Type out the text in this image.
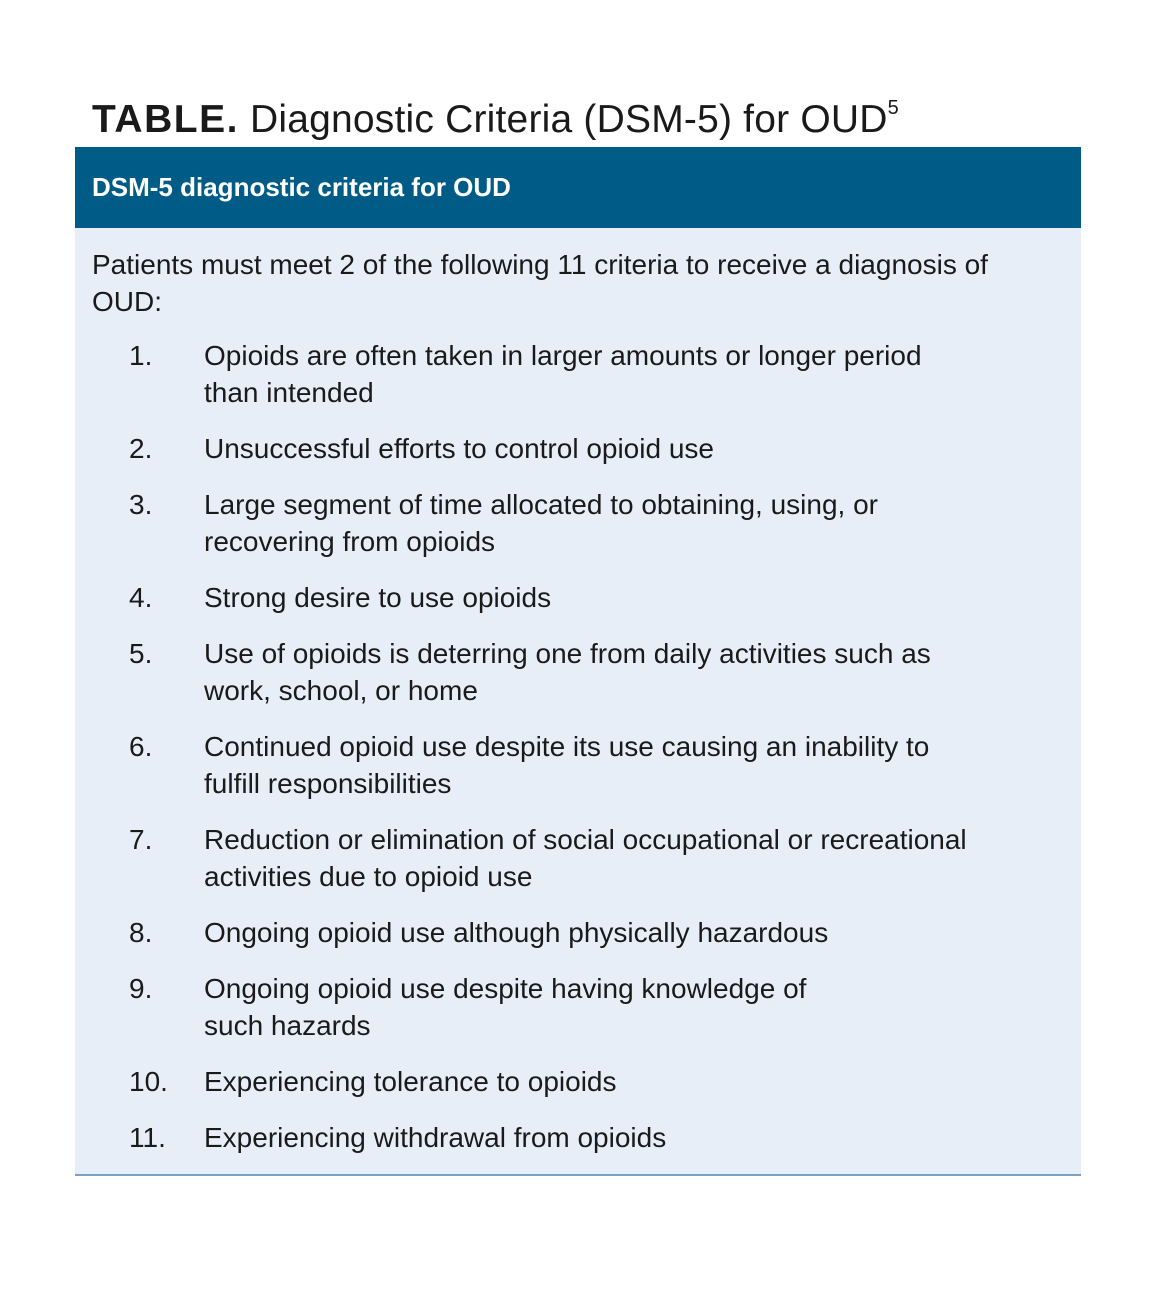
TABLE. Diagnostic Criteria (DSM-5) for OUD$^5$
DSM-5 diagnostic criteria for OUD
Patients must meet 2 of the following 11 criteria to receive a diagnosis of OUD:
1.	Opioids are often taken in larger amounts or longer period
than intended
2.	Unsuccessful efforts to control opioid use
3.	Large segment of time allocated to obtaining, using, or
recovering from opioids
4.	Strong desire to use opioids
5.	Use of opioids is deterring one from daily activities such as
work, school, or home
6.	Continued opioid use despite its use causing an inability to
fulfill responsibilities
7.	Reduction or elimination of social occupational or recreational
activities due to opioid use
8.	Ongoing opioid use although physically hazardous
9.	Ongoing opioid use despite having knowledge of
such hazards
10.	Experiencing tolerance to opioids
11.	Experiencing withdrawal from opioids
